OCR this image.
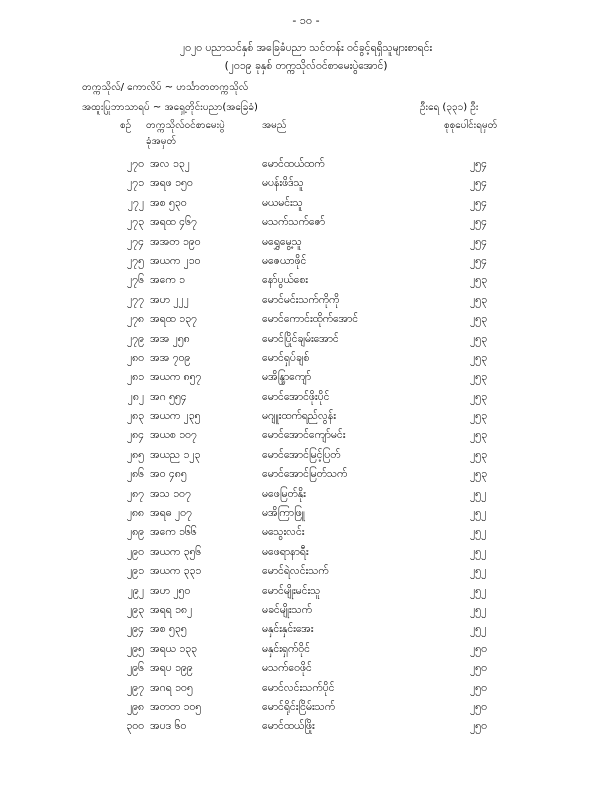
- ၁၀ -
၂၀၂၀ ပညာသင်နှစ် အခြေခံပညာ သင်တန်း ဝင်ခွင့်ရရှိသူများစာရင်း
(၂၀၁၉ ခုနှစ် တက္ကသိုလ်ဝင်စာမေးပွဲအောင်)
တက္ကသိုလ်/ ကောလိပ် ~ ဟင်္သာတတက္ကသိုလ်
အထူးပြုဘာသာရပ် ~ အရှေ့တိုင်းပညာ(အခြေခံ)	ဦးရေ (၃၃၁) ဦး
စဉ် တက္ကသိုလ်ဝင်စာမေးပွဲ
ခုံအမှတ်
အမည်	စုစုပေါင်းရမှတ်
၂၇၀ အလ ၁၃၂	မောင်ထယ်ထက်	၂၅၄
၂၇၁ အရဖ ၁၅၀	မပန်းဖိဒ်သူ	၂၅၄
၂၇၂ အစ ၅၃၀	မယမင်းသူ	၂၅၄
၂၇၃ အရထ ၄၆၇	မသက်သက်ဇော်	၂၅၄
၂၇၄ အအတ ၁၉၀	မရွှေမွေ့သူ	၂၅၄
၂၇၅ အယက ၂၁၀	မဇေယာဖိုင်	၂၅၄
၂၇၆ အကေ ၁	နော်ပွယ်စေး	၂၅၃
၂၇၇ အဟ ၂၂၂	မောင်မင်းသက်ကိုကို	၂၅၃
၂၇၈ အရထ ၁၃၇	မောင်ကောင်းထိုက်အောင်	၂၅၃
၂၇၉ အအ ၂၅၈	မောင်ပြိုင်ချမ်းအောင်	၂၅၃
၂၈၀ အအ ၇၀၉	မောင်ရှပ်ချစ်	၂၅၃
၂၈၁ အယက ၈၅၇	မအိန္ဒြာကျော်	၂၅၃
၂၈၂ အဂ ၅၅၄	မောင်အောင်ဖိုးပိုင်	၂၅၃
၂၈၃ အယက ၂၃၅	မဂျူးထက်ရည်လွန်း	၂၅၃
၂၈၄ အယစ ၁၀၇	မောင်အောင်ကျော်မင်း	၂၅၃
၂၈၅ အယည ၁၂၃	မောင်အောင်မြင့်ပြတ်	၂၅၃
၂၈၆ အဝ ၄၈၅	မောင်အောင်မြတ်သက်	၂၅၃
၂၈၇ အသ ၁၀၇	မဖေမြတ်နိုး	၂၅၂
၂၈၈ အရဓ ၂၀၇	မအိကြာဖြူ	၂၅၂
၂၈၉ အကေ ၁၆၆	မသွေးလင်း	၂၅၂
၂၉၀ အယက ၃၅၆	မဖေရာနာရီး	၂၅၂
၂၉၁ အယက ၃၃၁	မောင်ရဲလင်းသက်	၂၅၂
၂၉၂ အဟ ၂၅၀	မောင်မျိုးမင်းသူ	၂၅၂
၂၉၃ အရရ ၁၈၂	မခင်မျိုးသက်	၂၅၂
၂၉၄ အစ ၅၃၅	မနှင်းနှင်းအေး	၂၅၂
၂၉၅ အရယ ၁၃၃	မနှင်းရှက်ဝိုင်	၂၅၀
၂၉၆ အရပ ၁၉၉	မသက်ဝေဖိုင်	၂၅၀
၂၉၇ အဂရ ၁၀၅	မောင်လင်းသက်ပိုင်	၂၅၀
၂၉၈ အတတ ၁၀၅	မောင်ရိုင်းငြိမ်းသက်	၂၅၀
၃၀၀ အပဒ ၆၀	မောင်ထယ်ဖြိုး	၂၅၀
